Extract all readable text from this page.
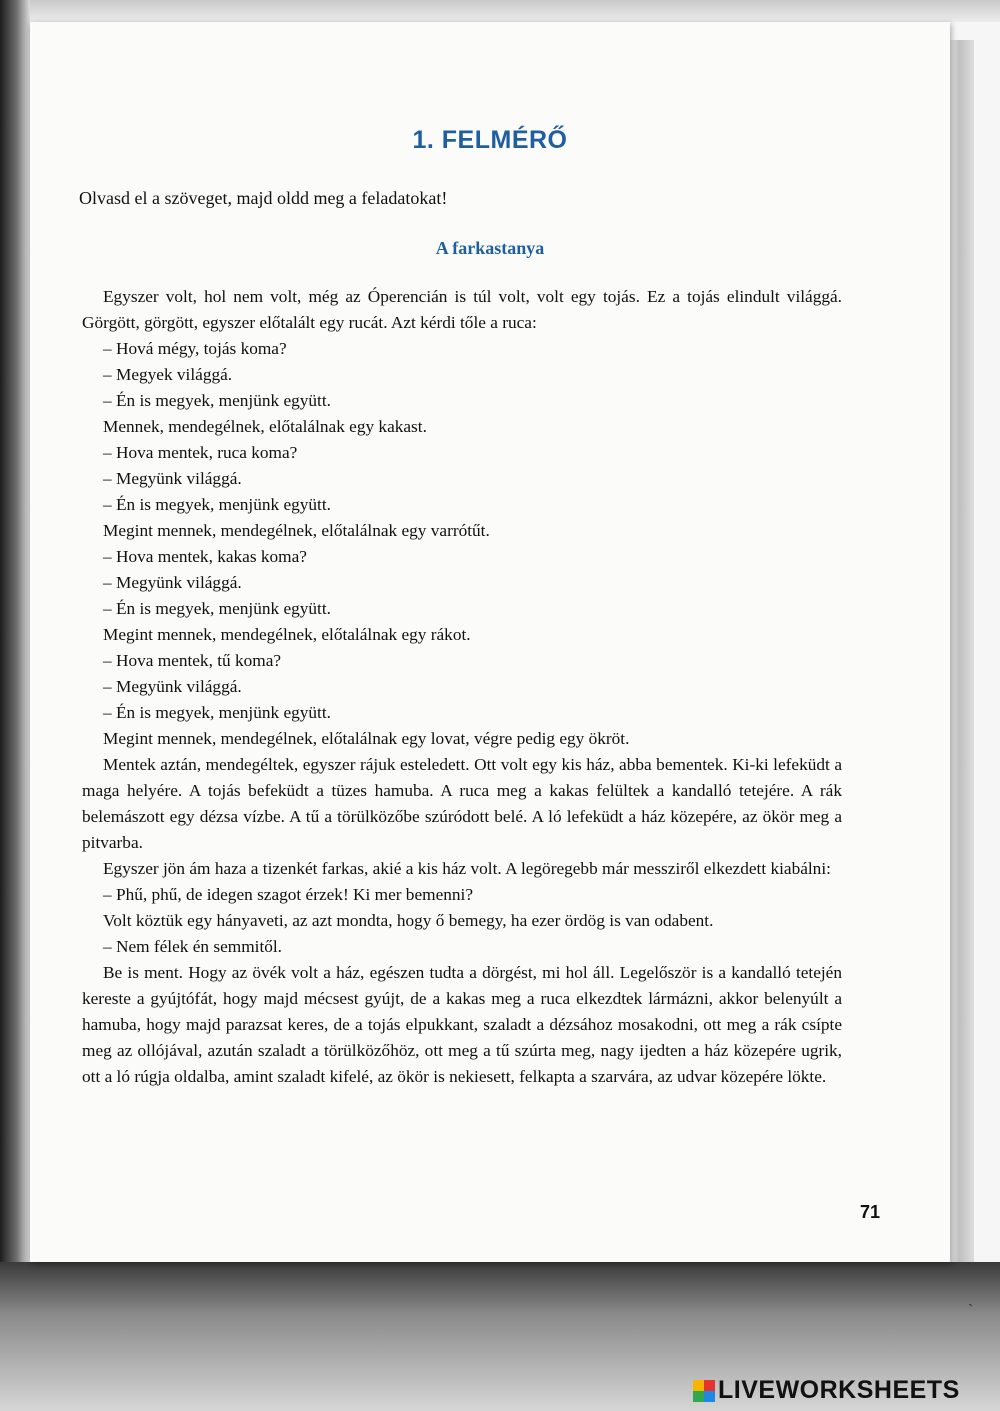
1. FELMÉRŐ

Olvasd el a szöveget, majd oldd meg a feladatokat!

A farkastanya

Egyszer volt, hol nem volt, még az Óperencián is túl volt, volt egy tojás. Ez a tojás elindult világgá. Görgött, görgött, egyszer előtalált egy rucát. Azt kérdi tőle a ruca:

– Hová mégy, tojás koma?

– Megyek világgá.

– Én is megyek, menjünk együtt.

Mennek, mendegélnek, előtalálnak egy kakast.

– Hova mentek, ruca koma?

– Megyünk világgá.

– Én is megyek, menjünk együtt.

Megint mennek, mendegélnek, előtalálnak egy varrótűt.

– Hova mentek, kakas koma?

– Megyünk világgá.

– Én is megyek, menjünk együtt.

Megint mennek, mendegélnek, előtalálnak egy rákot.

– Hova mentek, tű koma?

– Megyünk világgá.

– Én is megyek, menjünk együtt.

Megint mennek, mendegélnek, előtalálnak egy lovat, végre pedig egy ökröt.

Mentek aztán, mendegéltek, egyszer rájuk esteledett. Ott volt egy kis ház, abba bementek. Ki-ki lefeküdt a maga helyére. A tojás befeküdt a tüzes hamuba. A ruca meg a kakas felültek a kandalló tetejére. A rák belemászott egy dézsa vízbe. A tű a törülközőbe szúródott belé. A ló lefeküdt a ház közepére, az ökör meg a pitvarba.

Egyszer jön ám haza a tizenkét farkas, akié a kis ház volt. A legöregebb már messziről elkezdett kiabálni:

– Phű, phű, de idegen szagot érzek! Ki mer bemenni?

Volt köztük egy hányaveti, az azt mondta, hogy ő bemegy, ha ezer ördög is van odabent.

– Nem félek én semmitől.

Be is ment. Hogy az övék volt a ház, egészen tudta a dörgést, mi hol áll. Legelőször is a kandalló tetején kereste a gyújtófát, hogy majd mécsest gyújt, de a kakas meg a ruca elkezdtek lármázni, akkor belenyúlt a hamuba, hogy majd parazsat keres, de a tojás elpukkant, szaladt a dézsához mosakodni, ott meg a rák csípte meg az ollójával, azután szaladt a törülközőhöz, ott meg a tű szúrta meg, nagy ijedten a ház közepére ugrik, ott a ló rúgja oldalba, amint szaladt kifelé, az ökör is nekiesett, felkapta a szarvára, az udvar közepére lökte.

71

ˎ
LIVEWORKSHEETS
